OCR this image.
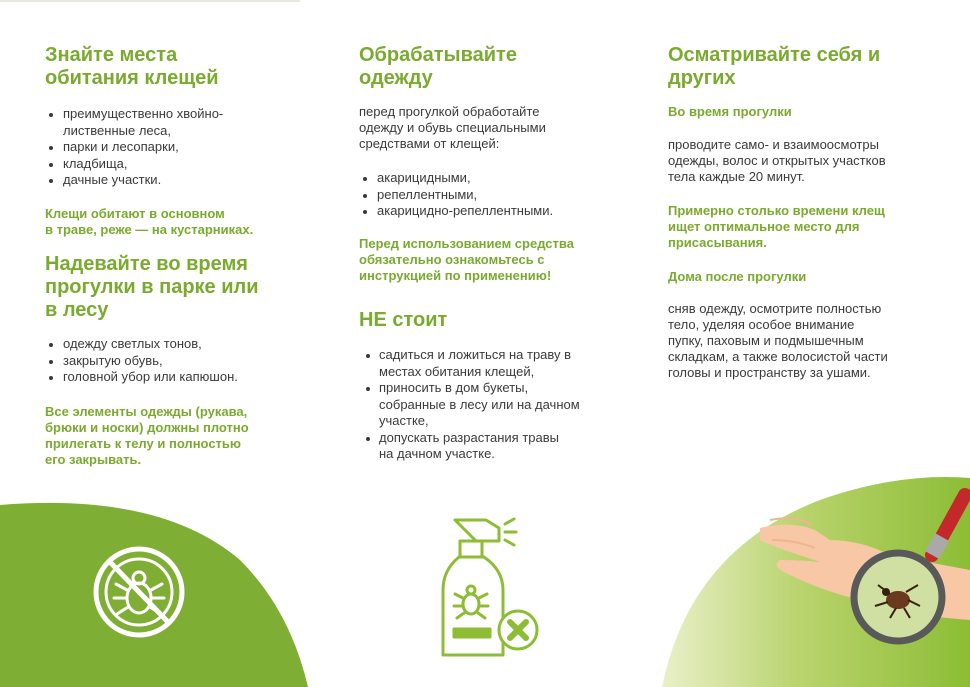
Знайте места обитания клещей
преимущественно хвойно-лиственные леса,
парки и лесопарки,
кладбища,
дачные участки.

Клещи обитают в основном
в траве, реже — на кустарниках.

Надевайте во время
прогулки в парке или
в лесу
одежду светлых тонов,
закрытую обувь,
головной убор или капюшон.

Все элементы одежды (рукава,
брюки и носки) должны плотно
прилегать к телу и полностью
его закрывать.

Обрабатывайте
одежду

перед прогулкой обработайте
одежду и обувь специальными
средствами от клещей:

акарицидными,
репеллентными,
акарицидно-репеллентными.

Перед использованием средства
обязательно ознакомьтесь с
инструкцией по применению!

НЕ стоит
садиться и ложиться на траву в
местах обитания клещей,
приносить в дом букеты,
собранные в лесу или на дачном
участке,
допускать разрастания травы
на дачном участке.
Осматривайте себя и
других

Во время прогулки

проводите само- и взаимоосмотры
одежды, волос и открытых участков
тела каждые 20 минут.

Примерно столько времени клещ
ищет оптимальное место для
присасывания.

Дома после прогулки

сняв одежду, осмотрите полностью
тело, уделяя особое внимание
пупку, паховым и подмышечным
складкам, а также волосистой части
головы и пространству за ушами.
